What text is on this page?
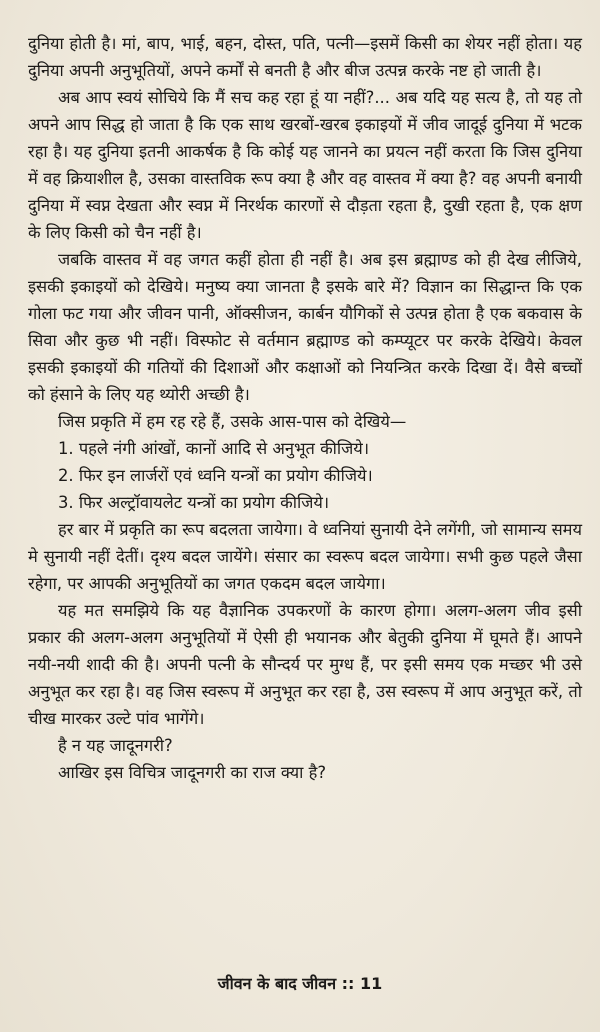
दुनिया होती है। मां, बाप, भाई, बहन, दोस्त, पति, पत्नी—इसमें किसी का शेयर नहीं होता। यह दुनिया अपनी अनुभूतियों, अपने कर्मों से बनती है और बीज उत्पन्न करके नष्ट हो जाती है।

अब आप स्वयं सोचिये कि मैं सच कह रहा हूं या नहीं?... अब यदि यह सत्य है, तो यह तो अपने आप सिद्ध हो जाता है कि एक साथ खरबों-खरब इकाइयों में जीव जादूई दुनिया में भटक रहा है। यह दुनिया इतनी आकर्षक है कि कोई यह जानने का प्रयत्न नहीं करता कि जिस दुनिया में वह क्रियाशील है, उसका वास्तविक रूप क्या है और वह वास्तव में क्या है? वह अपनी बनायी दुनिया में स्वप्न देखता और स्वप्न में निरर्थक कारणों से दौड़ता रहता है, दुखी रहता है, एक क्षण के लिए किसी को चैन नहीं है।

जबकि वास्तव में वह जगत कहीं होता ही नहीं है। अब इस ब्रह्माण्ड को ही देख लीजिये, इसकी इकाइयों को देखिये। मनुष्य क्या जानता है इसके बारे में? विज्ञान का सिद्धान्त कि एक गोला फट गया और जीवन पानी, ऑक्सीजन, कार्बन यौगिकों से उत्पन्न होता है एक बकवास के सिवा और कुछ भी नहीं। विस्फोट से वर्तमान ब्रह्माण्ड को कम्प्यूटर पर करके देखिये। केवल इसकी इकाइयों की गतियों की दिशाओं और कक्षाओं को नियन्त्रित करके दिखा दें। वैसे बच्चों को हंसाने के लिए यह थ्योरी अच्छी है।

जिस प्रकृति में हम रह रहे हैं, उसके आस-पास को देखिये—

1. पहले नंगी आंखों, कानों आदि से अनुभूत कीजिये।

2. फिर इन लार्जरों एवं ध्वनि यन्त्रों का प्रयोग कीजिये।

3. फिर अल्ट्रॉवायलेट यन्त्रों का प्रयोग कीजिये।

हर बार में प्रकृति का रूप बदलता जायेगा। वे ध्वनियां सुनायी देने लगेंगी, जो सामान्य समय मे सुनायी नहीं देतीं। दृश्य बदल जायेंगे। संसार का स्वरूप बदल जायेगा। सभी कुछ पहले जैसा रहेगा, पर आपकी अनुभूतियों का जगत एकदम बदल जायेगा।

यह मत समझिये कि यह वैज्ञानिक उपकरणों के कारण होगा। अलग-अलग जीव इसी प्रकार की अलग-अलग अनुभूतियों में ऐसी ही भयानक और बेतुकी दुनिया में घूमते हैं। आपने नयी-नयी शादी की है। अपनी पत्नी के सौन्दर्य पर मुग्ध हैं, पर इसी समय एक मच्छर भी उसे अनुभूत कर रहा है। वह जिस स्वरूप में अनुभूत कर रहा है, उस स्वरूप में आप अनुभूत करें, तो चीख मारकर उल्टे पांव भागेंगे।

है न यह जादूनगरी?

आखिर इस विचित्र जादूनगरी का राज क्या है?

जीवन के बाद जीवन :: 11
